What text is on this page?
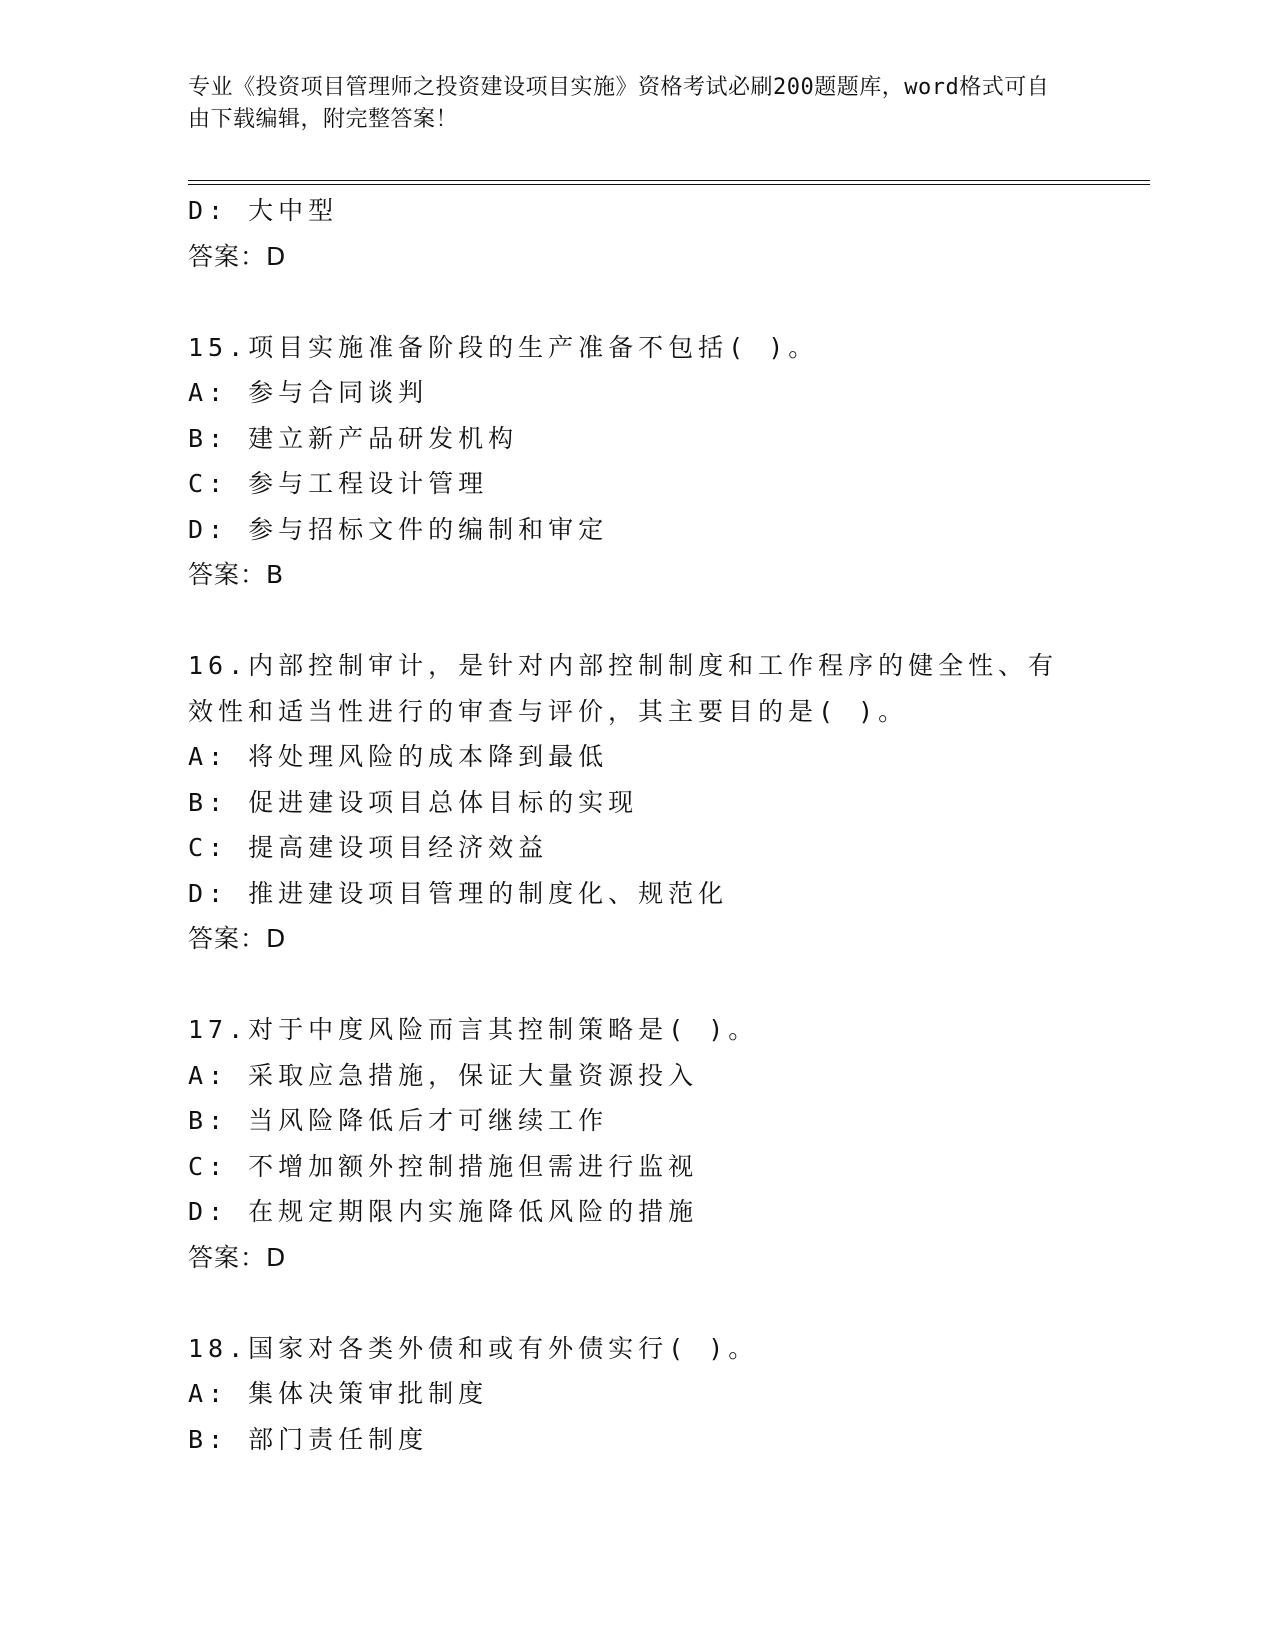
专业《投资项目管理师之投资建设项目实施》资格考试必刷200题题库，word格式可自由下载编辑，附完整答案！
D: 大中型
答案：D
15.项目实施准备阶段的生产准备不包括( )。
A: 参与合同谈判
B: 建立新产品研发机构
C: 参与工程设计管理
D: 参与招标文件的编制和审定
答案：B
16.内部控制审计，是针对内部控制制度和工作程序的健全性、有效性和适当性进行的审查与评价，其主要目的是( )。
A: 将处理风险的成本降到最低
B: 促进建设项目总体目标的实现
C: 提高建设项目经济效益
D: 推进建设项目管理的制度化、规范化
答案：D
17.对于中度风险而言其控制策略是( )。
A: 采取应急措施，保证大量资源投入
B: 当风险降低后才可继续工作
C: 不增加额外控制措施但需进行监视
D: 在规定期限内实施降低风险的措施
答案：D
18.国家对各类外债和或有外债实行( )。
A: 集体决策审批制度
B: 部门责任制度
